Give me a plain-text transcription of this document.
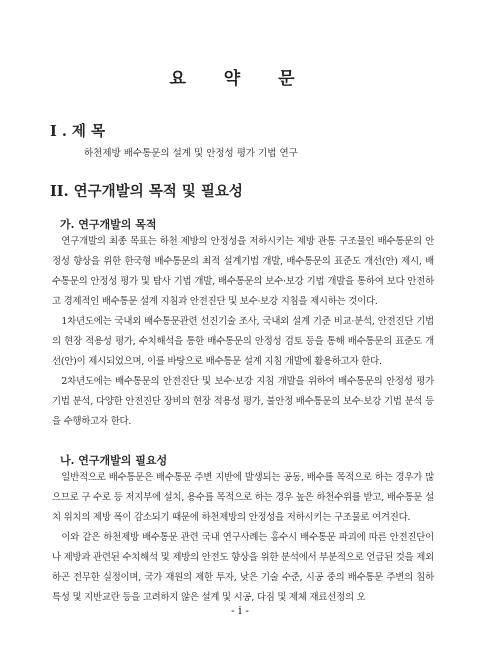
요 약 문
I . 제 목
하천제방 배수통문의 설계 및 안정성 평가 기법 연구
II. 연구개발의 목적 및 필요성
가. 연구개발의 목적

연구개발의 최종 목표는 하천 제방의 안정성을 저하시키는 제방 관통 구조물인 배수통문의 안정성 향상을 위한 한국형 배수통문의 최적 설계기법 개발, 배수통문의 표준도 개선(안) 제시, 배수통문의 안정성 평가 및 탐사 기법 개발, 배수통문의 보수·보강 기법 개발을 통하여 보다 안전하고 경제적인 배수통문 설계 지침과 안전진단 및 보수·보강 지침을 제시하는 것이다.

1차년도에는 국내외 배수통문관련 선진기술 조사, 국내외 설계 기준 비교·분석, 안전진단 기법의 현장 적용성 평가, 수치해석을 통한 배수통문의 안정성 검토 등을 통해 배수통문의 표준도 개선(안)이 제시되었으며, 이를 바탕으로 배수통문 설계 지침 개발에 활용하고자 한다.

2차년도에는 배수통문의 안전진단 및 보수·보강 지침 개발을 위하여 배수통문의 안정성 평가 기법 분석, 다양한 안전진단 장비의 현장 적용성 평가, 불안정 배수통문의 보수·보강 기법 분석 등을 수행하고자 한다.

나. 연구개발의 필요성

일반적으로 배수통문은 배수통문 주변 지반에 발생되는 공동, 배수를 목적으로 하는 경우가 많으므로 구 수로 등 저지부에 설치, 용수를 목적으로 하는 경우 높은 하천수위를 받고, 배수통문 설치 위치의 제방 폭이 감소되기 때문에 하천제방의 안정성을 저하시키는 구조물로 여겨진다.

이와 같은 하천제방 배수통문 관련 국내 연구사례는 홍수시 배수통문 파괴에 따른 안전진단이나 제방과 관련된 수치해석 및 제방의 안전도 향상을 위한 분석에서 부분적으로 언급된 것을 제외하곤 전무한 실정이며, 국가 재원의 제한 투자, 낮은 기술 수준, 시공 중의 배수통문 주변의 침하 특성 및 지반교란 등을 고려하지 않은 설계 및 시공, 다짐 및 제체 재료선정의 오

- i -
